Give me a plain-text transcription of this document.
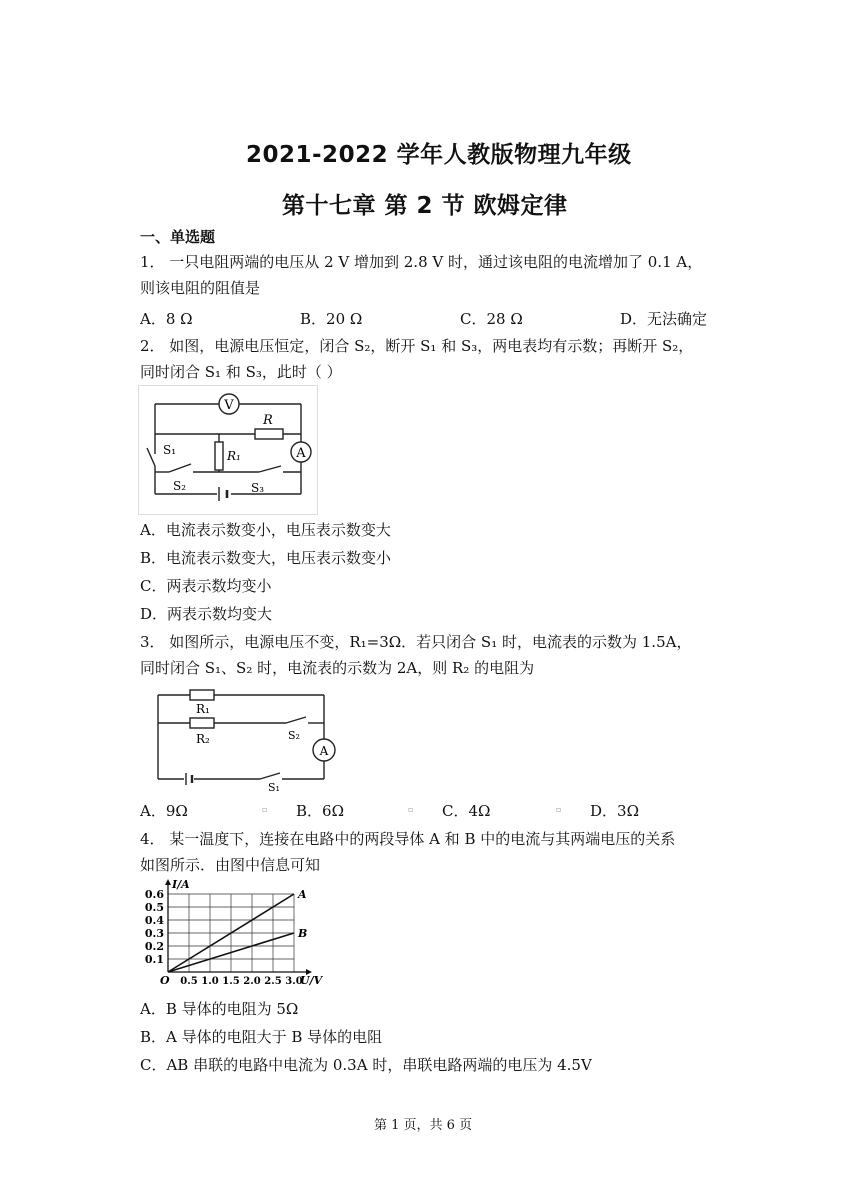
2021-2022 学年人教版物理九年级
第十七章 第 2 节 欧姆定律
一、单选题
1． 一只电阻两端的电压从 2 V 增加到 2.8 V 时，通过该电阻的电流增加了 0.1 A，
则该电阻的阻值是
A．8 Ω	B．20 Ω	C．28 Ω	D．无法确定
2． 如图，电源电压恒定，闭合 S₂，断开 S₁ 和 S₃，两电表均有示数；再断开 S₂，
同时闭合 S₁ 和 S₃，此时（ ）
V
R
A
S₁	R₁
S₂	S₃
A．电流表示数变小，电压表示数变大
B．电流表示数变大，电压表示数变小
C．两表示数均变小
D．两表示数均变大
3． 如图所示，电源电压不变，R₁=3Ω．若只闭合 S₁ 时，电流表的示数为 1.5A，
同时闭合 S₁、S₂ 时，电流表的示数为 2A，则 R₂ 的电阻为
R₁
R₂	S₂
A
S₁
A．9Ω	▫ B．6Ω	▫ C．4Ω	▫ D．3Ω
4． 某一温度下，连接在电路中的两段导体 A 和 B 中的电流与其两端电压的关系
如图所示．由图中信息可知
0.5 1.0 1.5 2.0 2.5 3.0
0.1
0.2
0.3
0.4
0.5
0.6
O	U/V
I/A
A
B
A．B 导体的电阻为 5Ω
B．A 导体的电阻大于 B 导体的电阻
C．AB 串联的电路中电流为 0.3A 时，串联电路两端的电压为 4.5V
第 1 页，共 6 页
